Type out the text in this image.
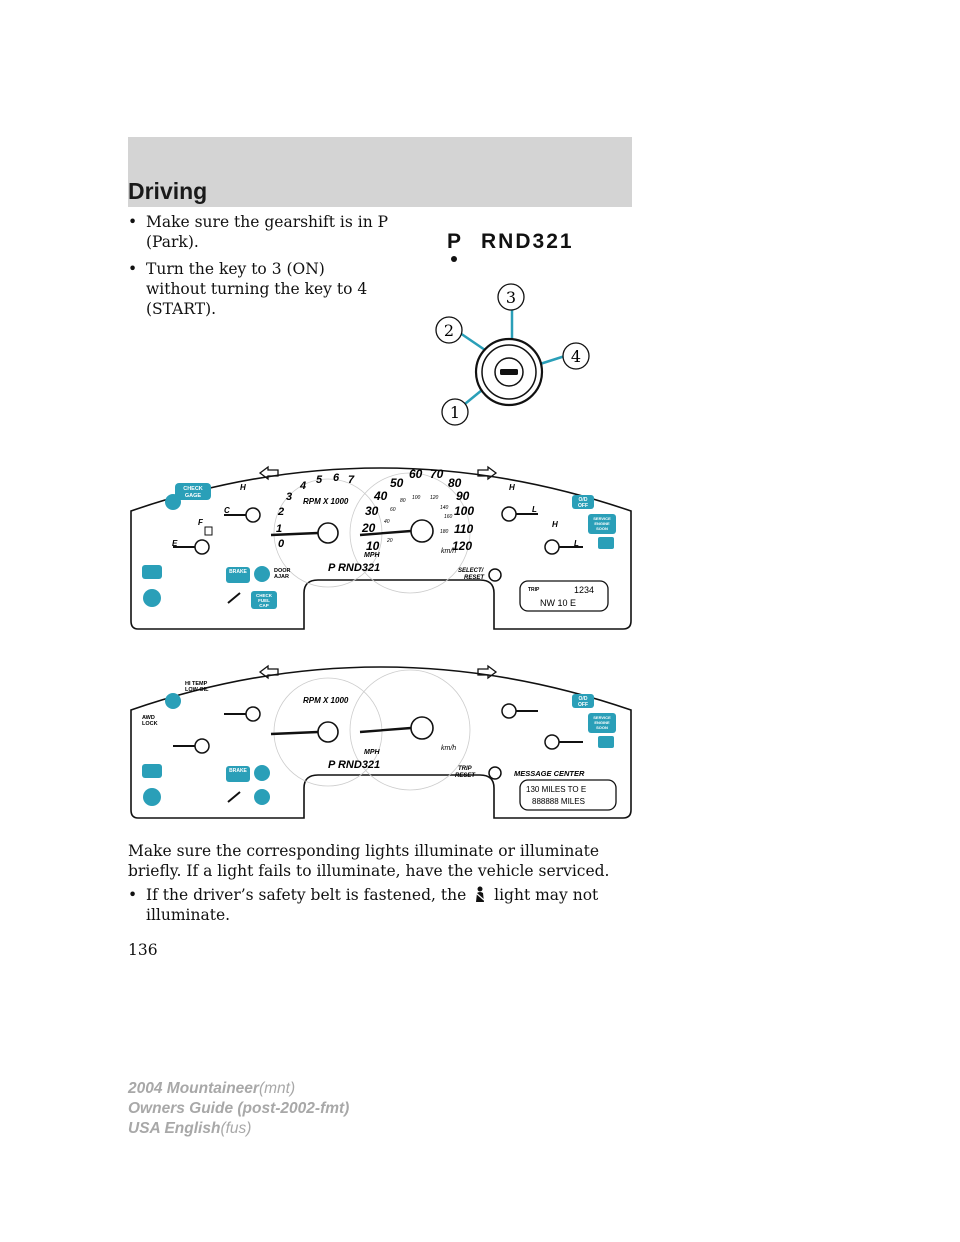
Driving
• Make sure the gearshift is in P (Park).
• Turn the key to 3 (ON) without turning the key to 4 (START).
P RND321
3
2
4
1
CHECK
GAGE
E
F
C
H
RPM X 1000
0
1
2
3
4 5 6 7
10
20
30
40
50
60 70
80
90
100
110
120
20
40
60
80 100 120
140
160
180
MPH
km/h
P RND321
H
L
H
L
O/D
OFF
SERVICE
ENGINE
SOON
BRAKE	DOOR
AJAR
CHECK
FUEL
CAP
SELECT/
RESET
TRIP	1234
NW 10 E
HI TEMP
LOW OIL
AWD
LOCK
RPM X 1000
MPH
km/h
P RND321
O/D
OFF
SERVICE
ENGINE
SOON
BRAKE	TRIP
RESET	MESSAGE CENTER
130 MILES TO E
888888 MILES
Make sure the corresponding lights illuminate or illuminate briefly. If a light fails to illuminate, have the vehicle serviced.
• If the driver’s safety belt is fastened, the light may not illuminate.
136
2004 Mountaineer(mnt)
Owners Guide (post-2002-fmt)
USA English(fus)
